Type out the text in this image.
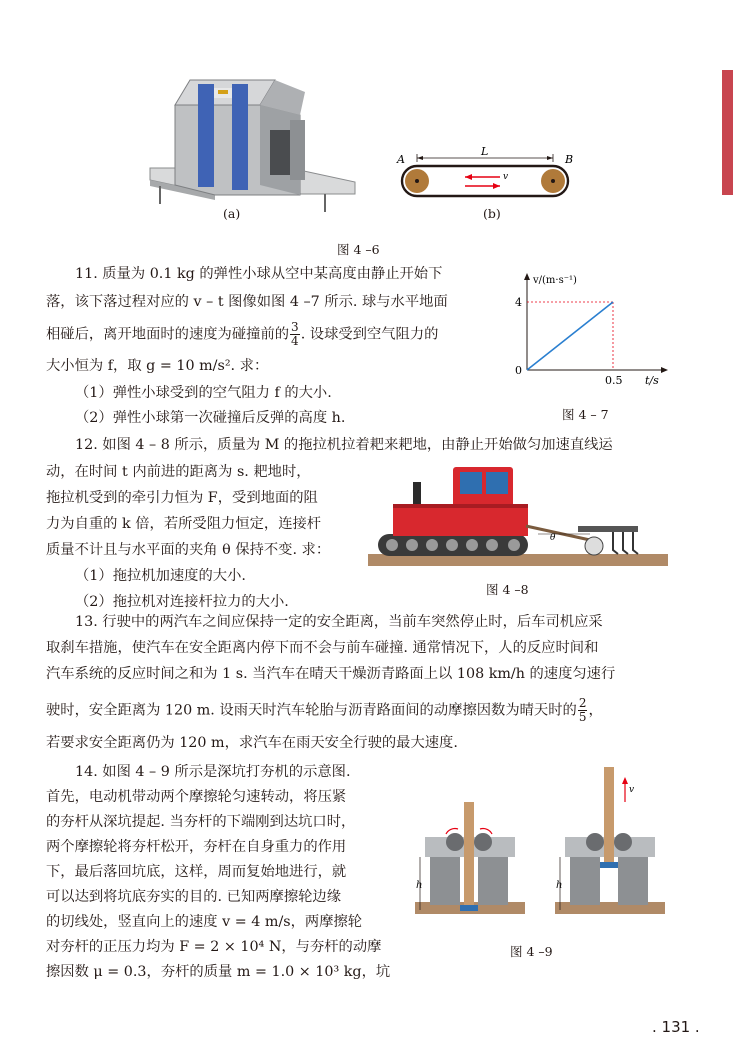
(a)
A	B
L
v
(b)
图 4 –6
v/(m·s⁻¹)
4
0
0.5 t/s
图 4 – 7
11. 质量为 0.1 kg 的弹性小球从空中某高度由静止开始下
落，该下落过程对应的 v – t 图像如图 4 –7 所示. 球与水平地面
相碰后，离开地面时的速度为碰撞前的 $\frac{3}{4}$ . 设球受到空气阻力的
大小恒为 f，取 g = 10 m/s². 求：
（1）弹性小球受到的空气阻力 f 的大小.
（2）弹性小球第一次碰撞后反弹的高度 h.
12. 如图 4 – 8 所示，质量为 M 的拖拉机拉着耙来耙地，由静止开始做匀加速直线运
动，在时间 t 内前进的距离为 s. 耙地时，
拖拉机受到的牵引力恒为 F，受到地面的阻
力为自重的 k 倍，若所受阻力恒定，连接杆
质量不计且与水平面的夹角 θ 保持不变. 求：
（1）拖拉机加速度的大小.
（2）拖拉机对连接杆拉力的大小.
θ
图 4 –8
13. 行驶中的两汽车之间应保持一定的安全距离，当前车突然停止时，后车司机应采
取刹车措施，使汽车在安全距离内停下而不会与前车碰撞. 通常情况下，人的反应时间和
汽车系统的反应时间之和为 1 s. 当汽车在晴天干燥沥青路面上以 108 km/h 的速度匀速行
驶时，安全距离为 120 m. 设雨天时汽车轮胎与沥青路面间的动摩擦因数为晴天时的 $\frac{2}{5}$ ，
若要求安全距离仍为 120 m，求汽车在雨天安全行驶的最大速度.
14. 如图 4 – 9 所示是深坑打夯机的示意图.
首先，电动机带动两个摩擦轮匀速转动，将压紧
的夯杆从深坑提起. 当夯杆的下端刚到达坑口时，
两个摩擦轮将夯杆松开，夯杆在自身重力的作用
下，最后落回坑底，这样，周而复始地进行，就
可以达到将坑底夯实的目的. 已知两摩擦轮边缘
的切线处，竖直向上的速度 v = 4 m/s，两摩擦轮
对夯杆的正压力均为 F = 2 × 10⁴ N，与夯杆的动摩
擦因数 μ = 0.3，夯杆的质量 m = 1.0 × 10³ kg，坑
h
v
h
图 4 –9
. 131 .
